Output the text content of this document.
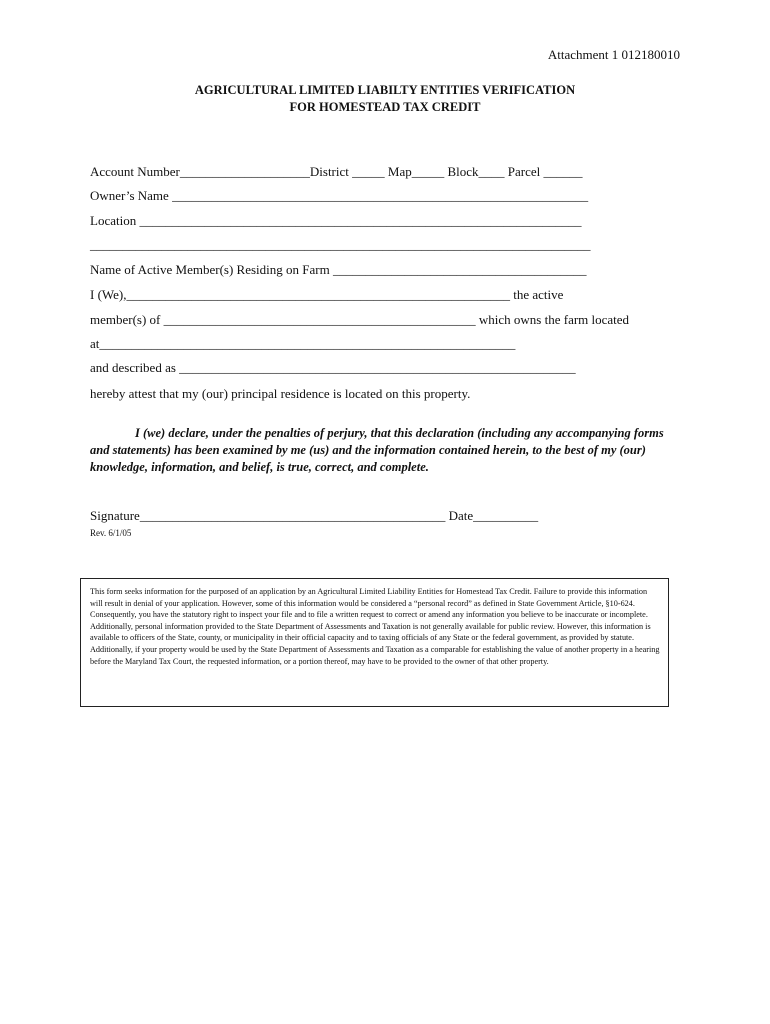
Attachment 1 012180010
AGRICULTURAL LIMITED LIABILTY ENTITIES VERIFICATION
FOR HOMESTEAD TAX CREDIT
Account Number____________________District _____ Map_____ Block____ Parcel ______
Owner’s Name ________________________________________________________________
Location ____________________________________________________________________
_____________________________________________________________________________
Name of Active Member(s) Residing on Farm _______________________________________
I (We),___________________________________________________________ the active
member(s) of ________________________________________________ which owns the farm located
at________________________________________________________________
and described as _____________________________________________________________
hereby attest that my (our) principal residence is located on this property.
I (we) declare, under the penalties of perjury, that this declaration (including any accompanying forms and statements) has been examined by me (us) and the information contained herein, to the best of my (our) knowledge, information, and belief, is true, correct, and complete.
Signature_______________________________________________ Date__________
Rev. 6/1/05
This form seeks information for the purposed of an application by an Agricultural Limited Liability Entities for Homestead Tax Credit. Failure to provide this information will result in denial of your application. However, some of this information would be considered a “personal record” as defined in State Government Article, §10-624. Consequently, you have the statutory right to inspect your file and to file a written request to correct or amend any information you believe to be inaccurate or incomplete. Additionally, personal information provided to the State Department of Assessments and Taxation is not generally available for public review. However, this information is available to officers of the State, county, or municipality in their official capacity and to taxing officials of any State or the federal government, as provided by statute. Additionally, if your property would be used by the State Department of Assessments and Taxation as a comparable for establishing the value of another property in a hearing before the Maryland Tax Court, the requested information, or a portion thereof, may have to be provided to the owner of that other property.
